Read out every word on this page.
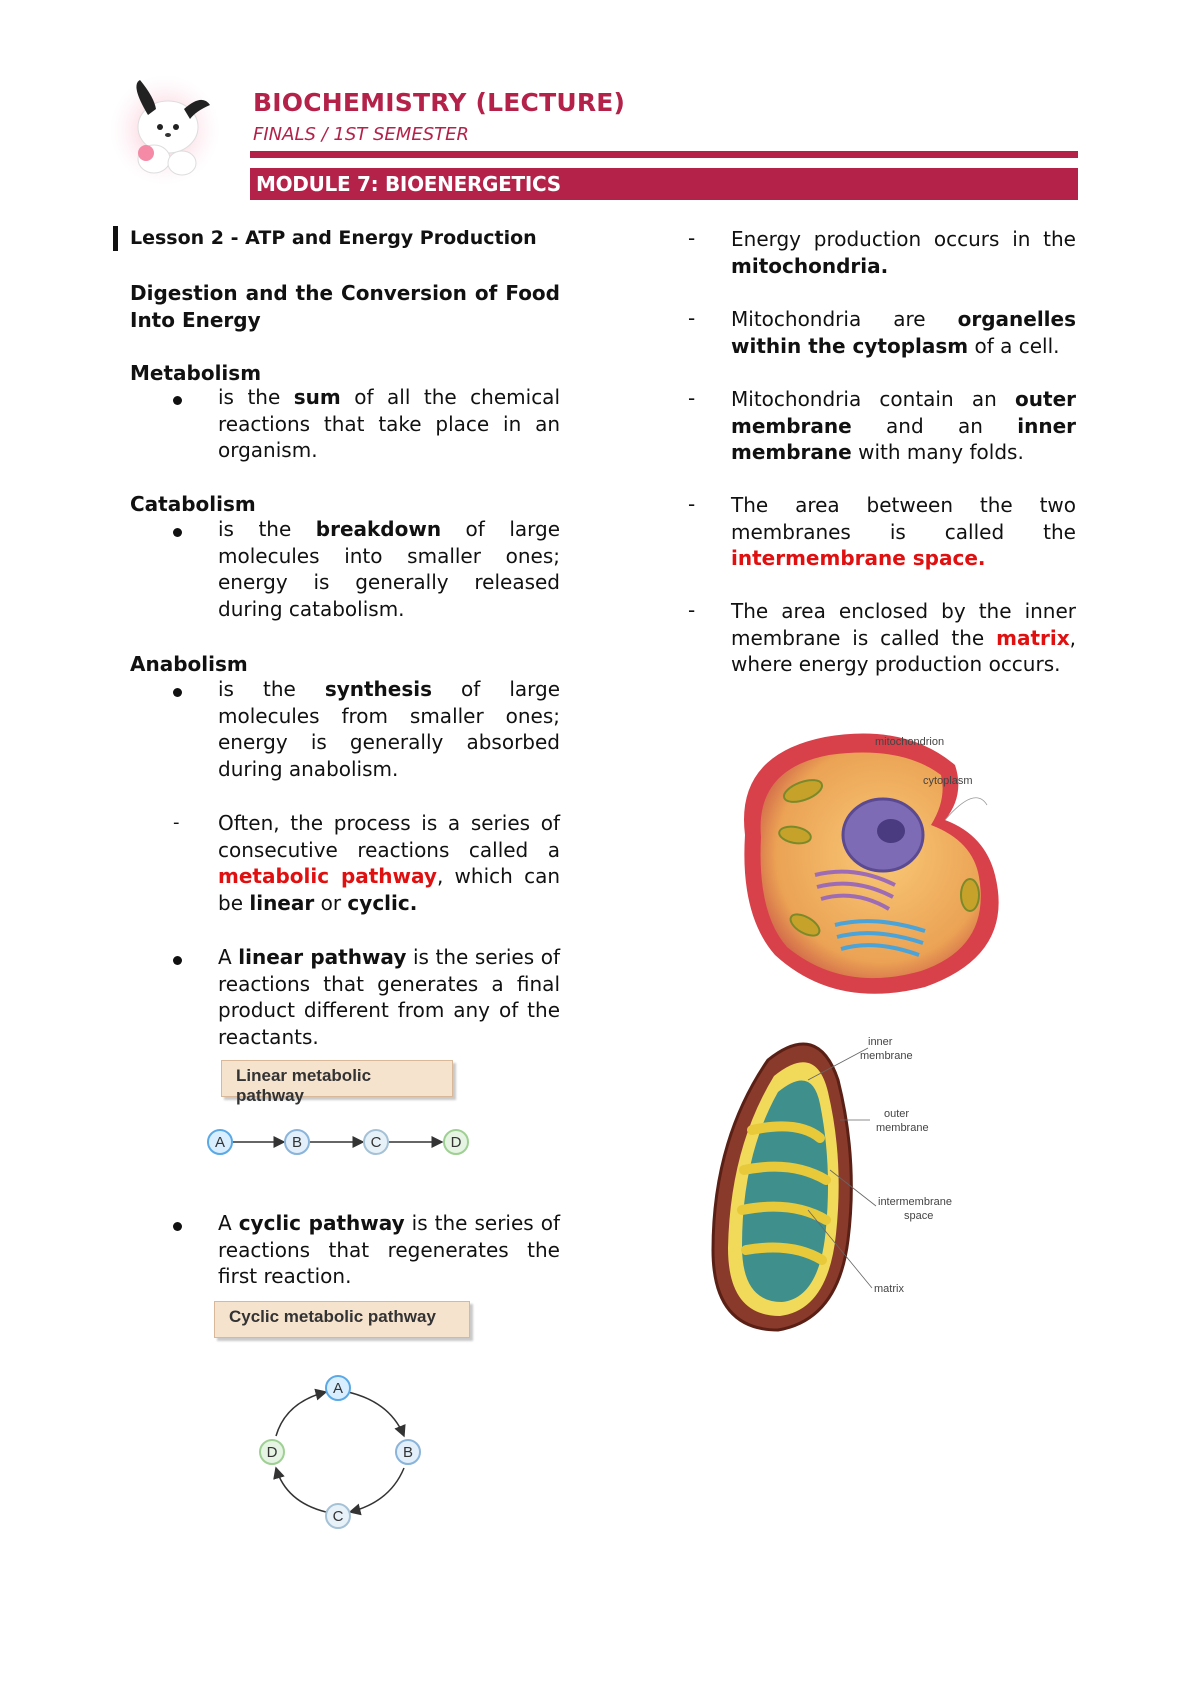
BIOCHEMISTRY (LECTURE)
FINALS / 1ST SEMESTER
MODULE 7: BIOENERGETICS
Lesson 2 - ATP and Energy Production
Digestion and the Conversion of Food
Into Energy
Metabolism
is the sum of all the chemical reactions that take place in an organism.
Catabolism
is the breakdown of large molecules into smaller ones; energy is generally released during catabolism.
Anabolism
is the synthesis of large molecules from smaller ones; energy is generally absorbed during anabolism.
- Often, the process is a series of consecutive reactions called a metabolic pathway, which can be linear or cyclic.
A linear pathway is the series of reactions that generates a final product different from any of the reactants.
Linear metabolic pathway
A	B	C	D
A cyclic pathway is the series of reactions that regenerates the first reaction.
Cyclic metabolic pathway
A
B
C
D
- Energy production occurs in the mitochondria.
- Mitochondria are organelles within the cytoplasm of a cell.
- Mitochondria contain an outer membrane and an inner membrane with many folds.
- The area between the two membranes is called the intermembrane space.
- The area enclosed by the inner membrane is called the matrix, where energy production occurs.
mitochondrion
cytoplasm
inner
membrane
outer
membrane
intermembrane
space
matrix
